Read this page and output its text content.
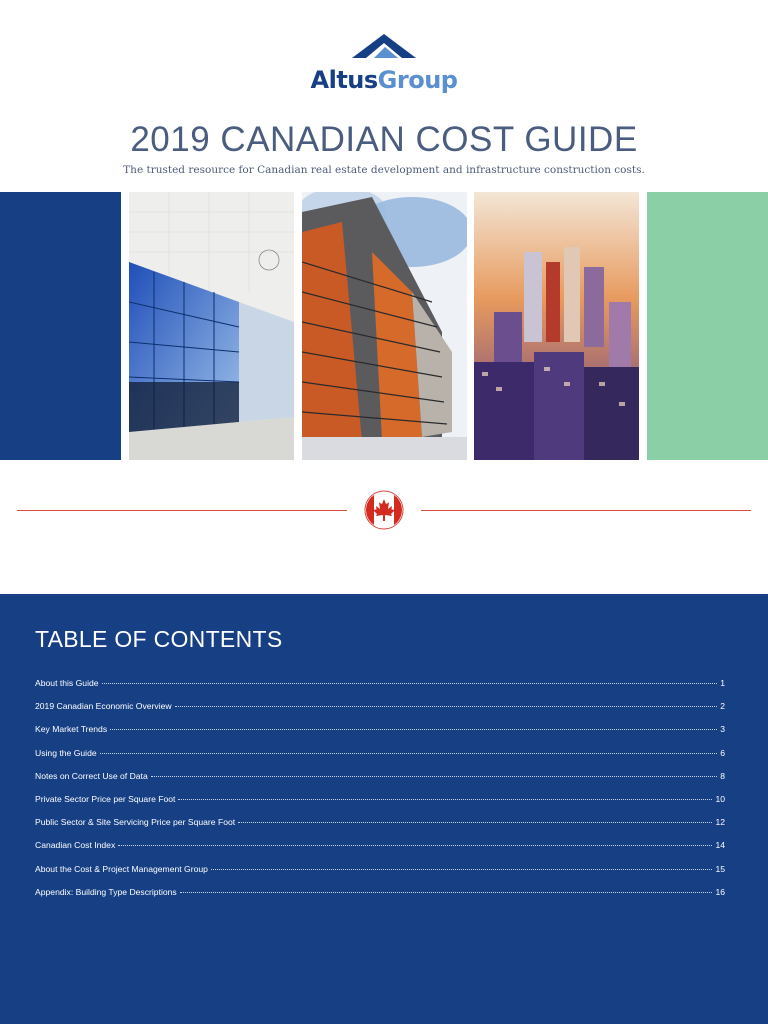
AltusGroup
2019 CANADIAN COST GUIDE

The trusted resource for Canadian real estate development and infrastructure construction costs.

TABLE OF CONTENTS
About this Guide	1
2019 Canadian Economic Overview	2
Key Market Trends	3
Using the Guide	6
Notes on Correct Use of Data	8
Private Sector Price per Square Foot	10
Public Sector & Site Servicing Price per Square Foot	12
Canadian Cost Index	14
About the Cost & Project Management Group	15
Appendix: Building Type Descriptions	16
